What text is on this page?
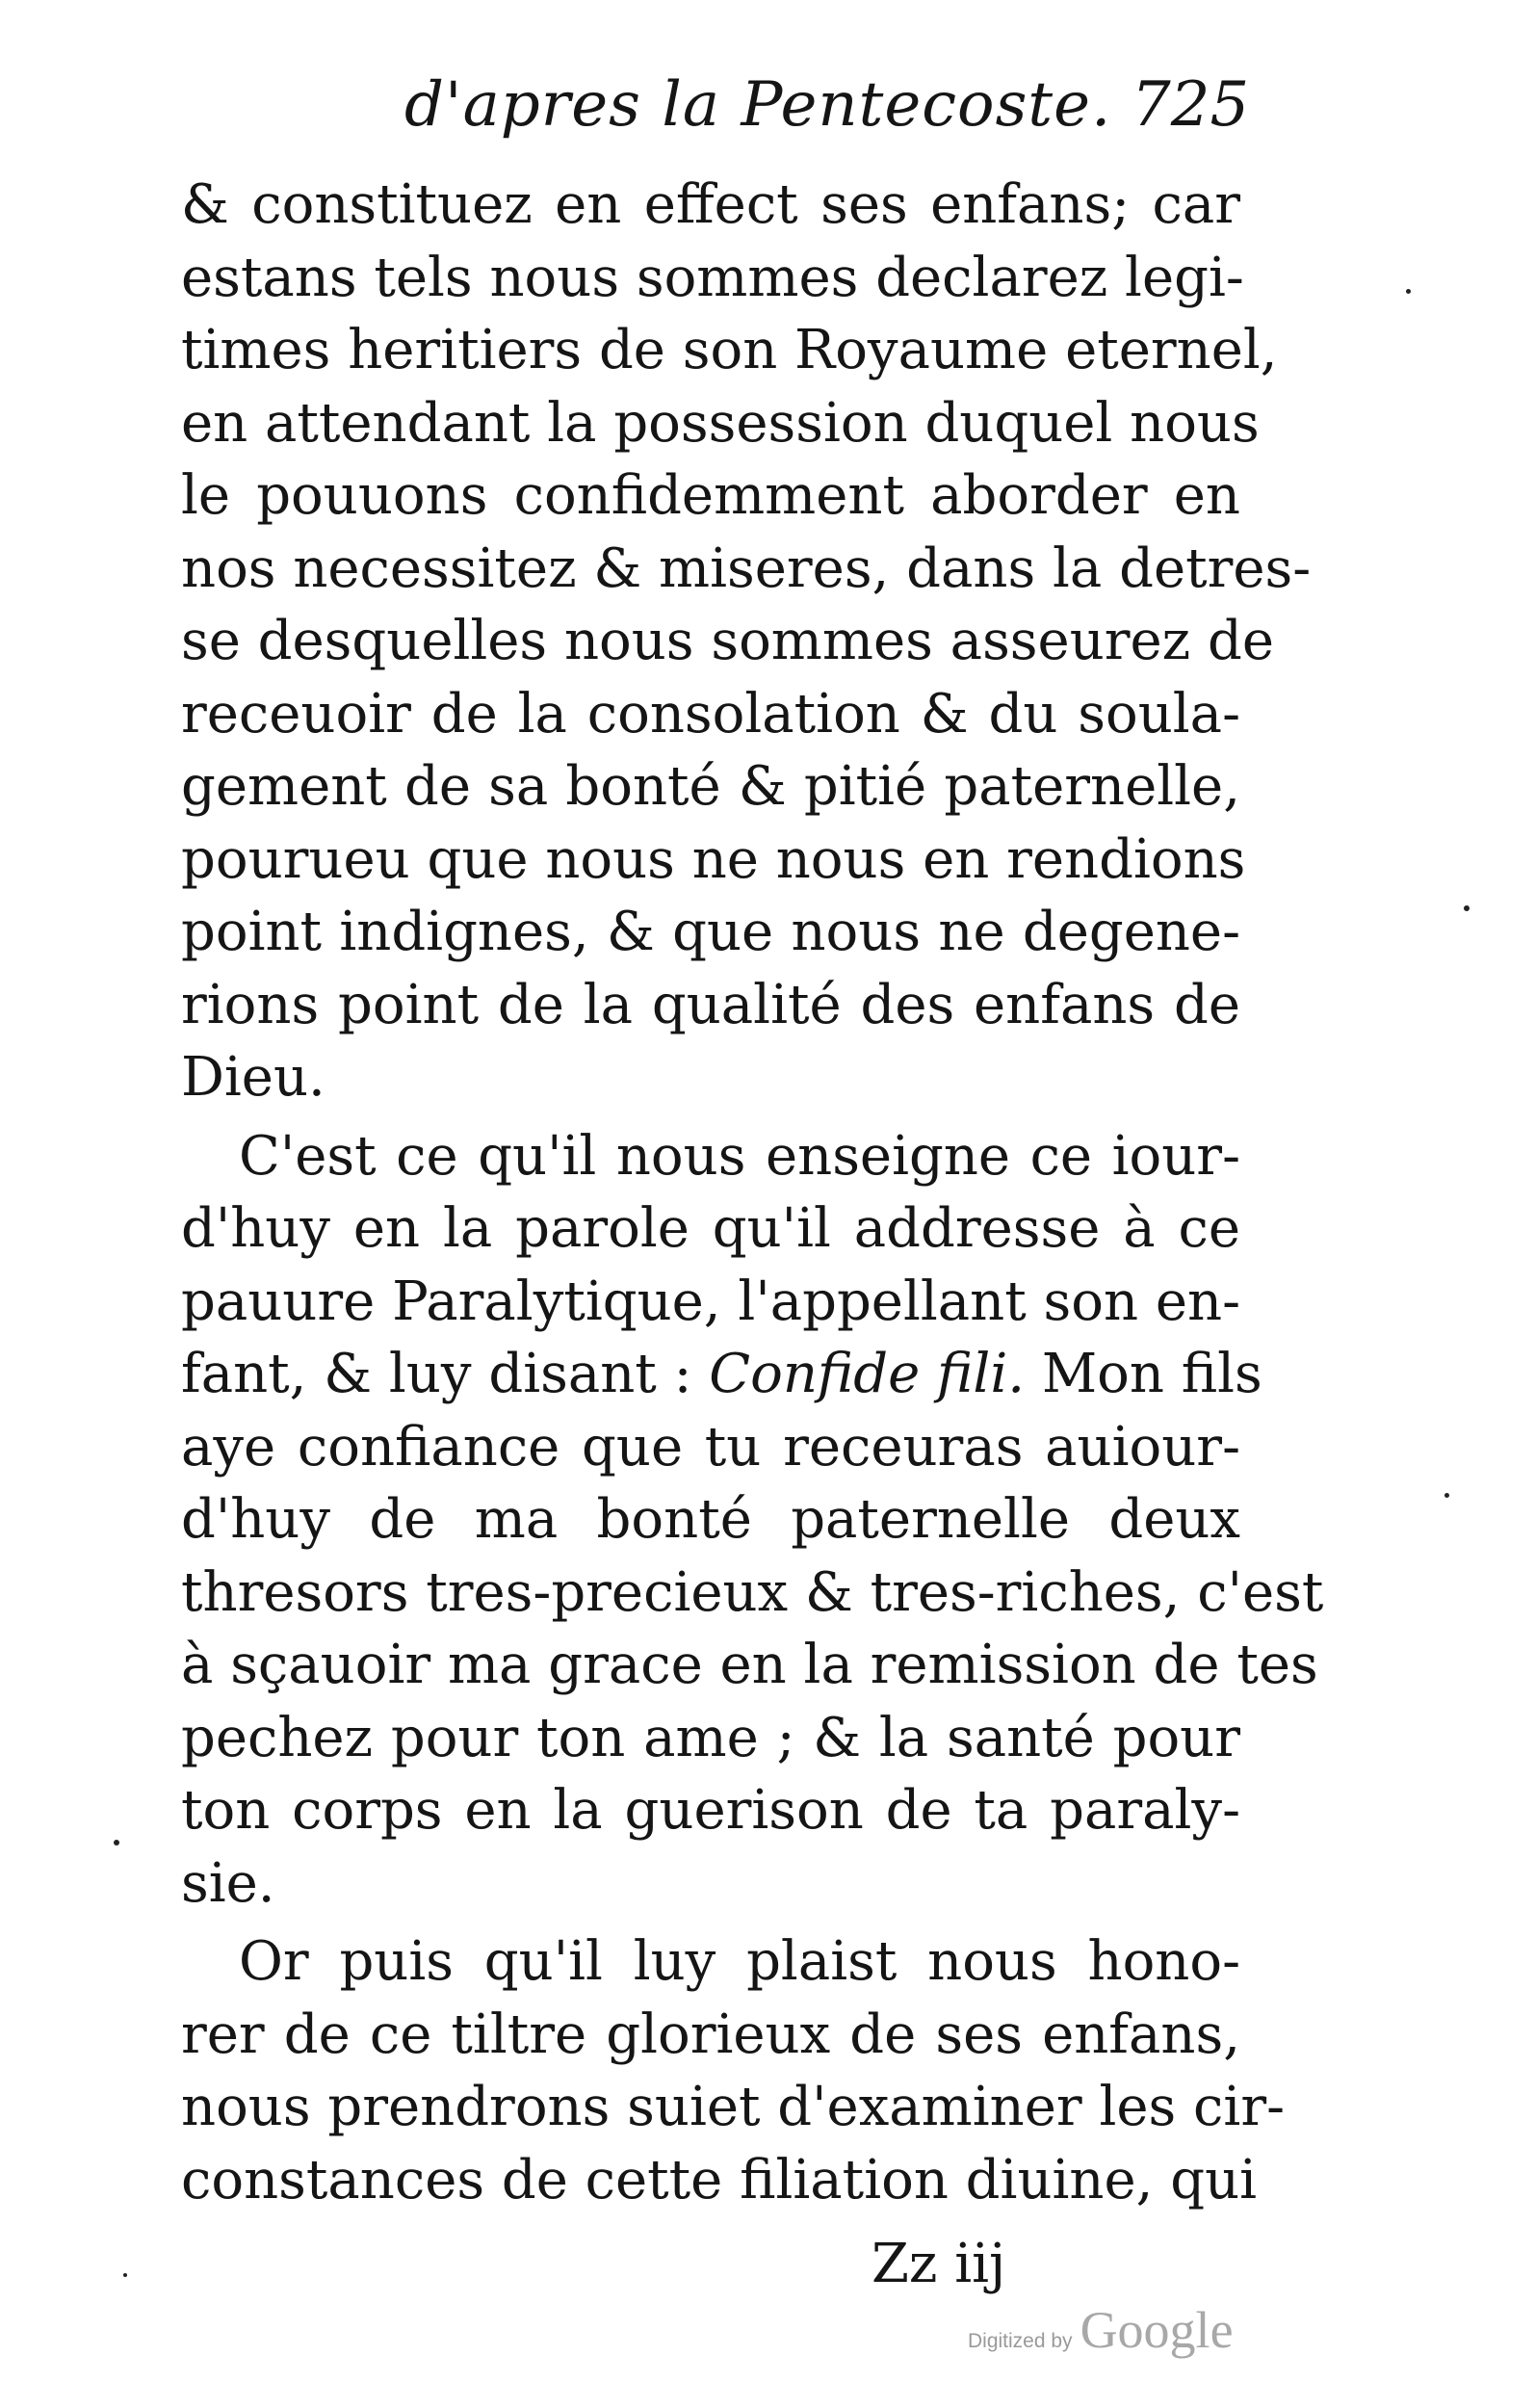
d'apres la Pentecoste. 725
& constituez en effect ses enfans; car
estans tels nous sommes declarez legi-
times heritiers de son Royaume eternel,
en attendant la possession duquel nous
le pouuons confidemment aborder en
nos necessitez & miseres, dans la detres-
se desquelles nous sommes asseurez de
receuoir de la consolation & du soula-
gement de sa bonté & pitié paternelle,
pourueu que nous ne nous en rendions
point indignes, & que nous ne degene-
rions point de la qualité des enfans de
Dieu.
C'est ce qu'il nous enseigne ce iour-
d'huy en la parole qu'il addresse à ce
pauure Paralytique, l'appellant son en-
fant, & luy disant : Confide fili. Mon fils
aye confiance que tu receuras auiour-
d'huy de ma bonté paternelle deux
thresors tres-precieux & tres-riches, c'est
à sçauoir ma grace en la remission de tes
pechez pour ton ame ; & la santé pour
ton corps en la guerison de ta paraly-
sie.
Or puis qu'il luy plaist nous hono-
rer de ce tiltre glorieux de ses enfans,
nous prendrons suiet d'examiner les cir-
constances de cette filiation diuine, qui
Zz iij
Digitized by Google
